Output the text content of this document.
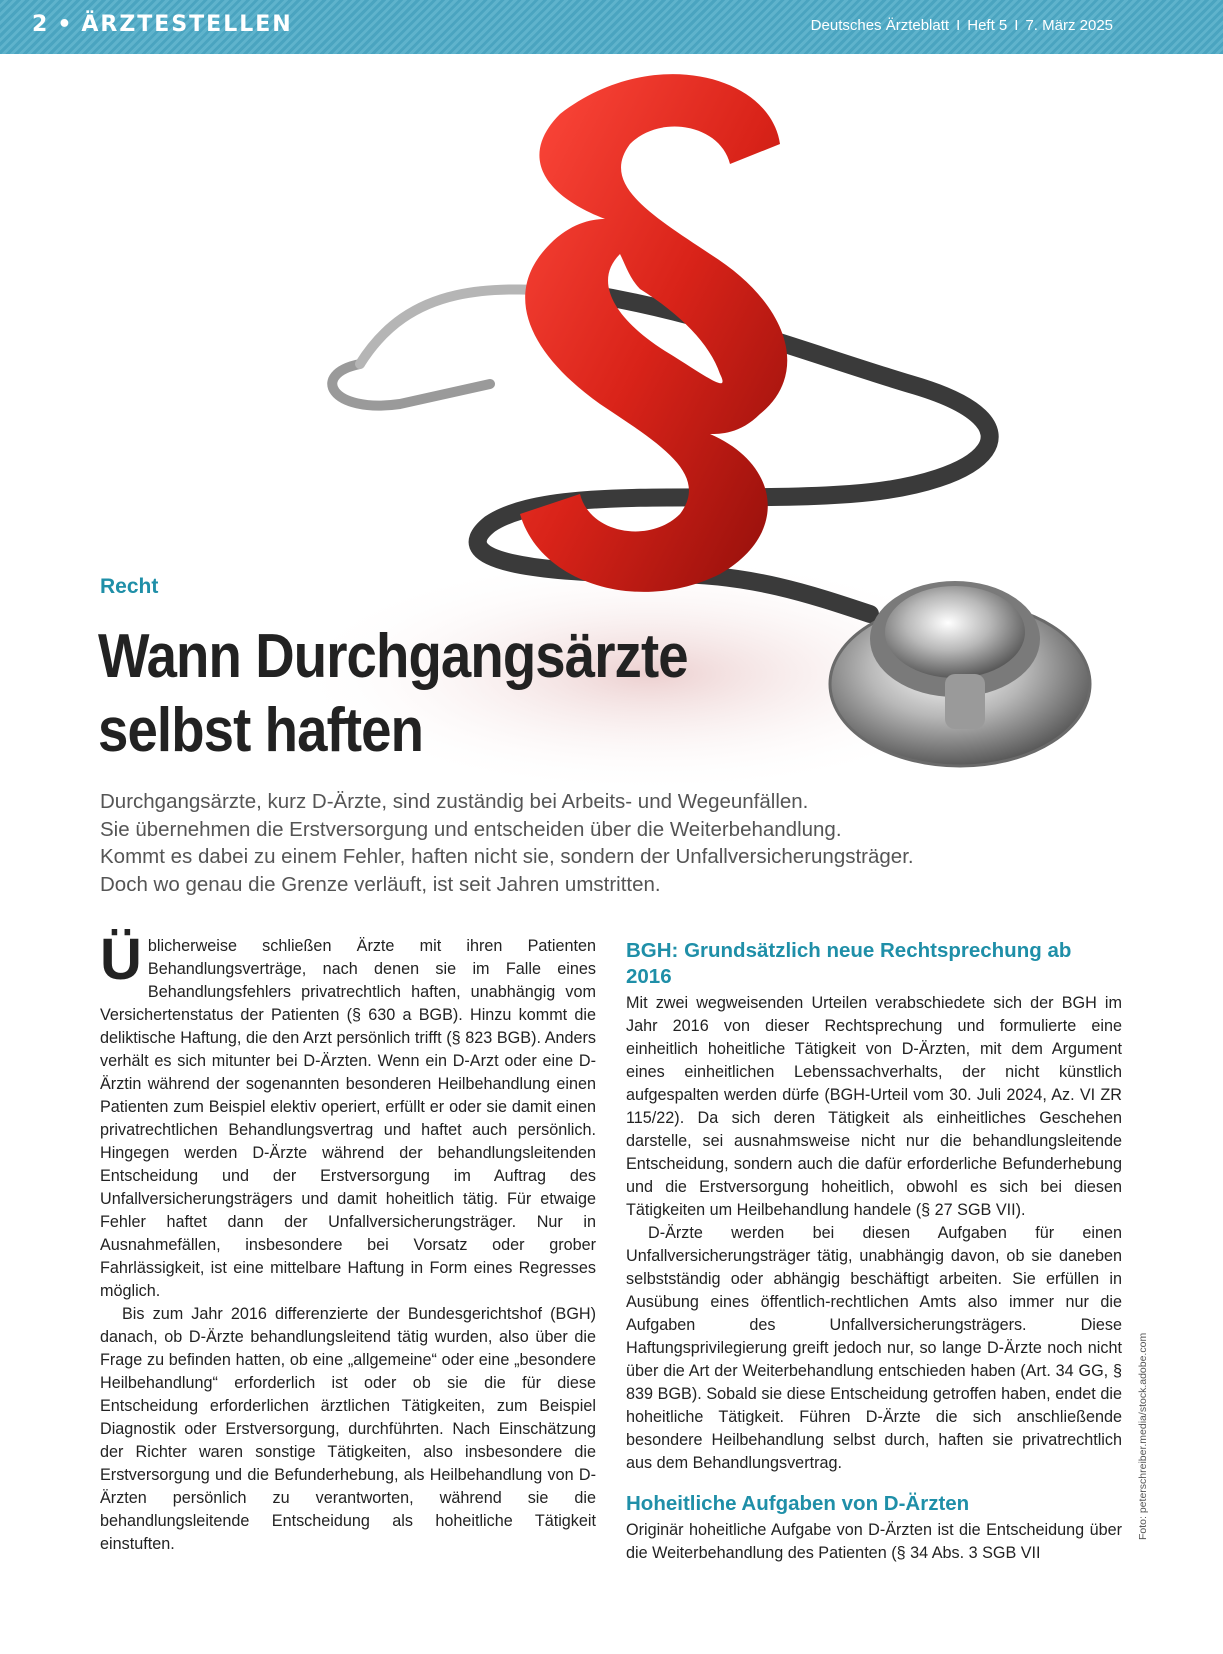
2 • ÄRZTESTELLEN	Deutsches Ärzteblatt I Heft 5 I 7. März 2025
Recht
Wann Durchgangsärzte
selbst haften
Durchgangsärzte, kurz D-Ärzte, sind zuständig bei Arbeits- und Wegeunfällen.
Sie übernehmen die Erstversorgung und entscheiden über die Weiterbehandlung.
Kommt es dabei zu einem Fehler, haften nicht sie, sondern der Unfallversicherungsträger.
Doch wo genau die Grenze verläuft, ist seit Jahren umstritten.

Üblicherweise schließen Ärzte mit ihren Patienten Behandlungsverträge, nach denen sie im Falle eines Behandlungsfehlers privatrechtlich haften, unabhängig vom Versichertenstatus der Patienten (§ 630 a BGB). Hinzu kommt die deliktische Haftung, die den Arzt persönlich trifft (§ 823 BGB). Anders verhält es sich mitunter bei D-Ärzten. Wenn ein D-Arzt oder eine D-Ärztin während der sogenannten besonderen Heilbehandlung einen Patienten zum Beispiel elektiv operiert, erfüllt er oder sie damit einen privatrechtlichen Behandlungsvertrag und haftet auch persönlich. Hingegen werden D-Ärzte während der behandlungsleitenden Entscheidung und der Erstversorgung im Auftrag des Unfallversicherungsträgers und damit hoheitlich tätig. Für etwaige Fehler haftet dann der Unfallversicherungsträger. Nur in Ausnahmefällen, insbesondere bei Vorsatz oder grober Fahrlässigkeit, ist eine mittelbare Haftung in Form eines Regresses möglich.

Bis zum Jahr 2016 differenzierte der Bundesgerichtshof (BGH) danach, ob D-Ärzte behandlungsleitend tätig wurden, also über die Frage zu befinden hatten, ob eine „allgemeine“ oder eine „besondere Heilbehandlung“ erforderlich ist oder ob sie die für diese Entscheidung erforderlichen ärztlichen Tätigkeiten, zum Beispiel Diagnostik oder Erstversorgung, durchführten. Nach Einschätzung der Richter waren sonstige Tätigkeiten, also insbesondere die Erstversorgung und die Befunderhebung, als Heilbehandlung von D-Ärzten persönlich zu verantworten, während sie die behandlungsleitende Entscheidung als hoheitliche Tätigkeit einstuften.

BGH: Grundsätzlich neue Rechtsprechung ab 2016

Mit zwei wegweisenden Urteilen verabschiedete sich der BGH im Jahr 2016 von dieser Rechtsprechung und formulierte eine einheitlich hoheitliche Tätigkeit von D-Ärzten, mit dem Argument eines einheitlichen Lebenssachverhalts, der nicht künstlich aufgespalten werden dürfe (BGH-Urteil vom 30. Juli 2024, Az. VI ZR 115/22). Da sich deren Tätigkeit als einheitliches Geschehen darstelle, sei ausnahmsweise nicht nur die behandlungsleitende Entscheidung, sondern auch die dafür erforderliche Befunderhebung und die Erstversorgung hoheitlich, obwohl es sich bei diesen Tätigkeiten um Heilbehandlung handele (§ 27 SGB VII).

D-Ärzte werden bei diesen Aufgaben für einen Unfallversicherungsträger tätig, unabhängig davon, ob sie daneben selbstständig oder abhängig beschäftigt arbeiten. Sie erfüllen in Ausübung eines öffentlich-rechtlichen Amts also immer nur die Aufgaben des Unfallversicherungsträgers. Diese Haftungsprivilegierung greift jedoch nur, so lange D-Ärzte noch nicht über die Art der Weiterbehandlung entschieden haben (Art. 34 GG, § 839 BGB). Sobald sie diese Entscheidung getroffen haben, endet die hoheitliche Tätigkeit. Führen D-Ärzte die sich anschließende besondere Heilbehandlung selbst durch, haften sie privatrechtlich aus dem Behandlungsvertrag.

Hoheitliche Aufgaben von D-Ärzten

Originär hoheitliche Aufgabe von D-Ärzten ist die Entscheidung über die Weiterbehandlung des Patienten (§ 34 Abs. 3 SGB VII

Foto: peterschreiber.media/stock.adobe.com
